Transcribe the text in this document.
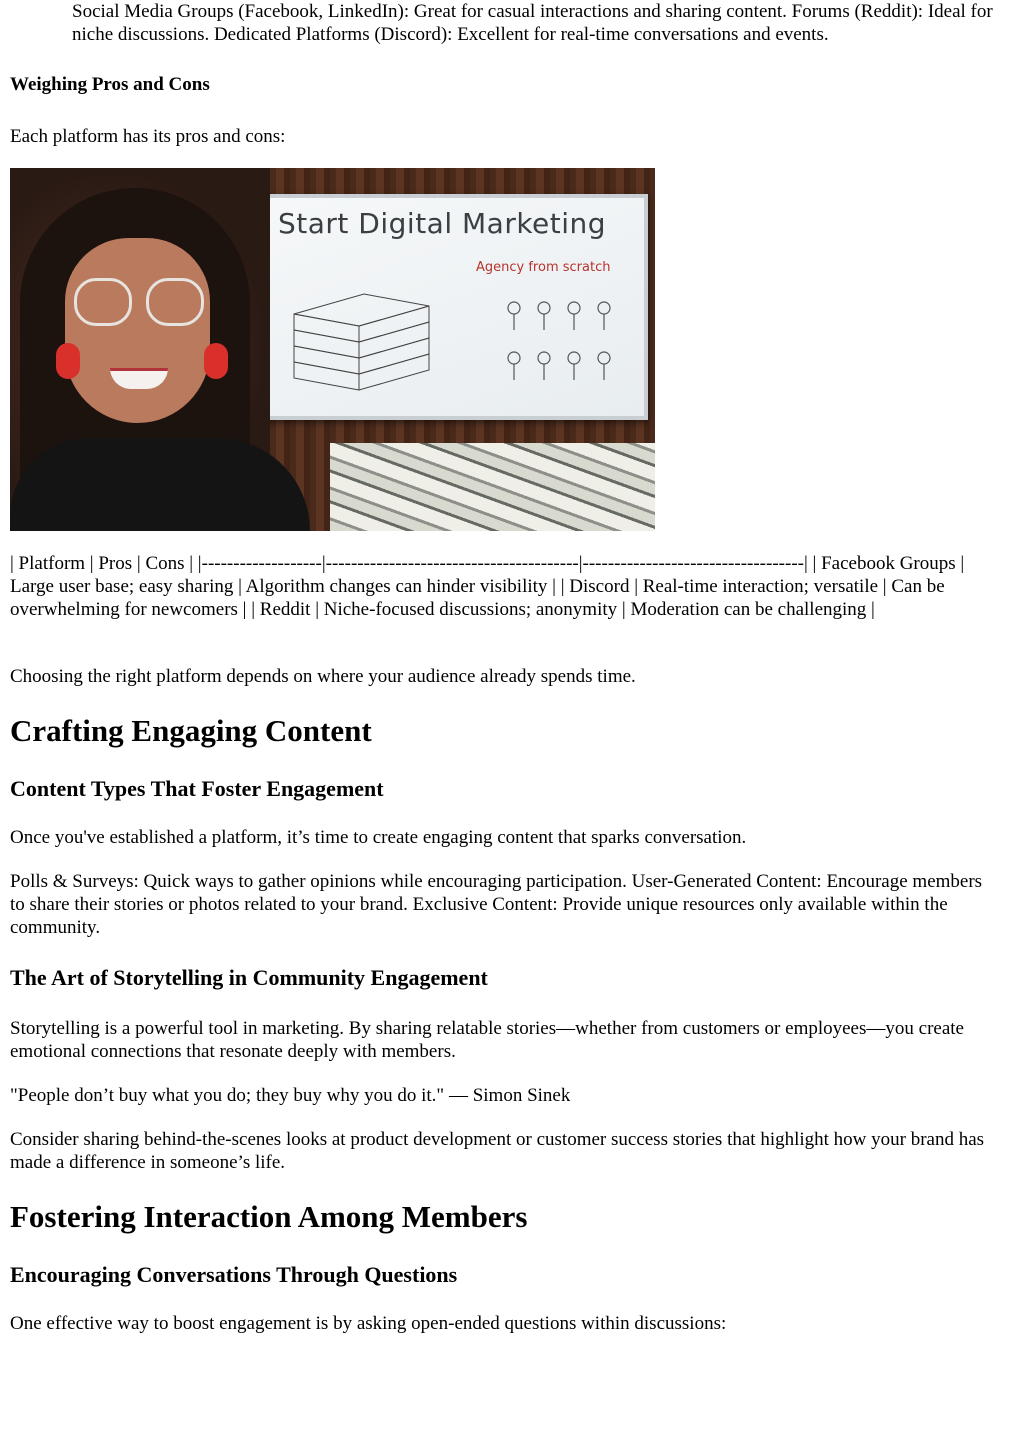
Social Media Groups (Facebook, LinkedIn): Great for casual interactions and sharing content. Forums (Reddit): Ideal for niche discussions. Dedicated Platforms (Discord): Excellent for real-time conversations and events.

Weighing Pros and Cons

Each platform has its pros and cons:

Start Digital Marketing
Agency from scratch

| Platform | Pros | Cons | |-------------------|----------------------------------------|-----------------------------------| | Facebook Groups | Large user base; easy sharing | Algorithm changes can hinder visibility | | Discord | Real-time interaction; versatile | Can be overwhelming for newcomers | | Reddit | Niche-focused discussions; anonymity | Moderation can be challenging |

Choosing the right platform depends on where your audience already spends time.

Crafting Engaging Content
Content Types That Foster Engagement

Once you've established a platform, it’s time to create engaging content that sparks conversation.

Polls & Surveys: Quick ways to gather opinions while encouraging participation. User-Generated Content: Encourage members to share their stories or photos related to your brand. Exclusive Content: Provide unique resources only available within the community.

The Art of Storytelling in Community Engagement

Storytelling is a powerful tool in marketing. By sharing relatable stories—whether from customers or employees—you create emotional connections that resonate deeply with members.

"People don’t buy what you do; they buy why you do it." — Simon Sinek

Consider sharing behind-the-scenes looks at product development or customer success stories that highlight how your brand has made a difference in someone’s life.

Fostering Interaction Among Members
Encouraging Conversations Through Questions

One effective way to boost engagement is by asking open-ended questions within discussions:
